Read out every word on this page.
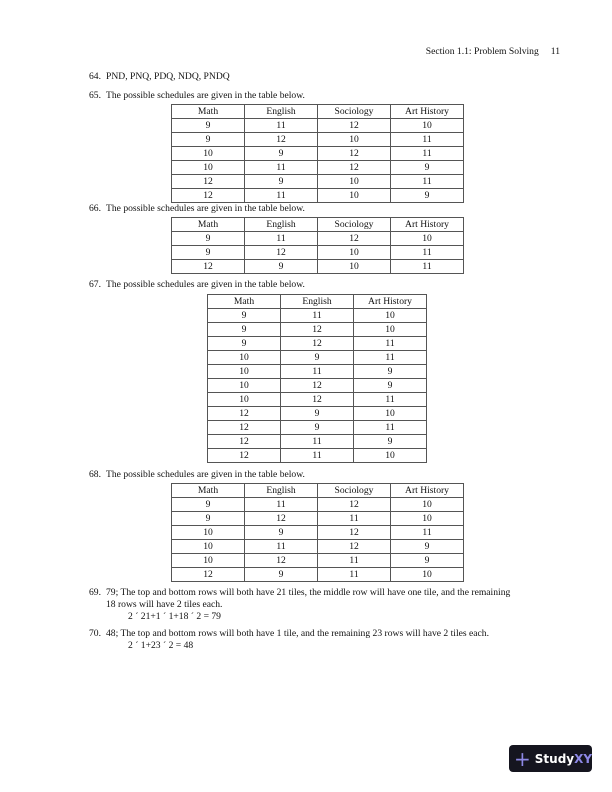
Section 1.1: Problem Solving 11
64. PND, PNQ, PDQ, NDQ, PNDQ
65. The possible schedules are given in the table below.
Math	English	Sociology	Art History
9	11	12	10
9	12	10	11
10	9	12	11
10	11	12	9
12	9	10	11
12	11	10	9
66. The possible schedules are given in the table below.
Math	English	Sociology	Art History
9	11	12	10
9	12	10	11
12	9	10	11
67. The possible schedules are given in the table below.
Math	English	Art History
9	11	10
9	12	10
9	12	11
10	9	11
10	11	9
10	12	9
10	12	11
12	9	10
12	9	11
12	11	9
12	11	10
68. The possible schedules are given in the table below.
Math	English	Sociology	Art History
9	11	12	10
9	12	11	10
10	9	12	11
10	11	12	9
10	12	11	9
12	9	11	10
69. 79; The top and bottom rows will both have 21 tiles, the middle row will have one tile, and the remaining
18 rows will have 2 tiles each.
2 ´ 21+1 ´ 1+18 ´ 2 = 79
70. 48; The top and bottom rows will both have 1 tile, and the remaining 23 rows will have 2 tiles each.
2 ´ 1+23 ´ 2 = 48
+ Study XY
